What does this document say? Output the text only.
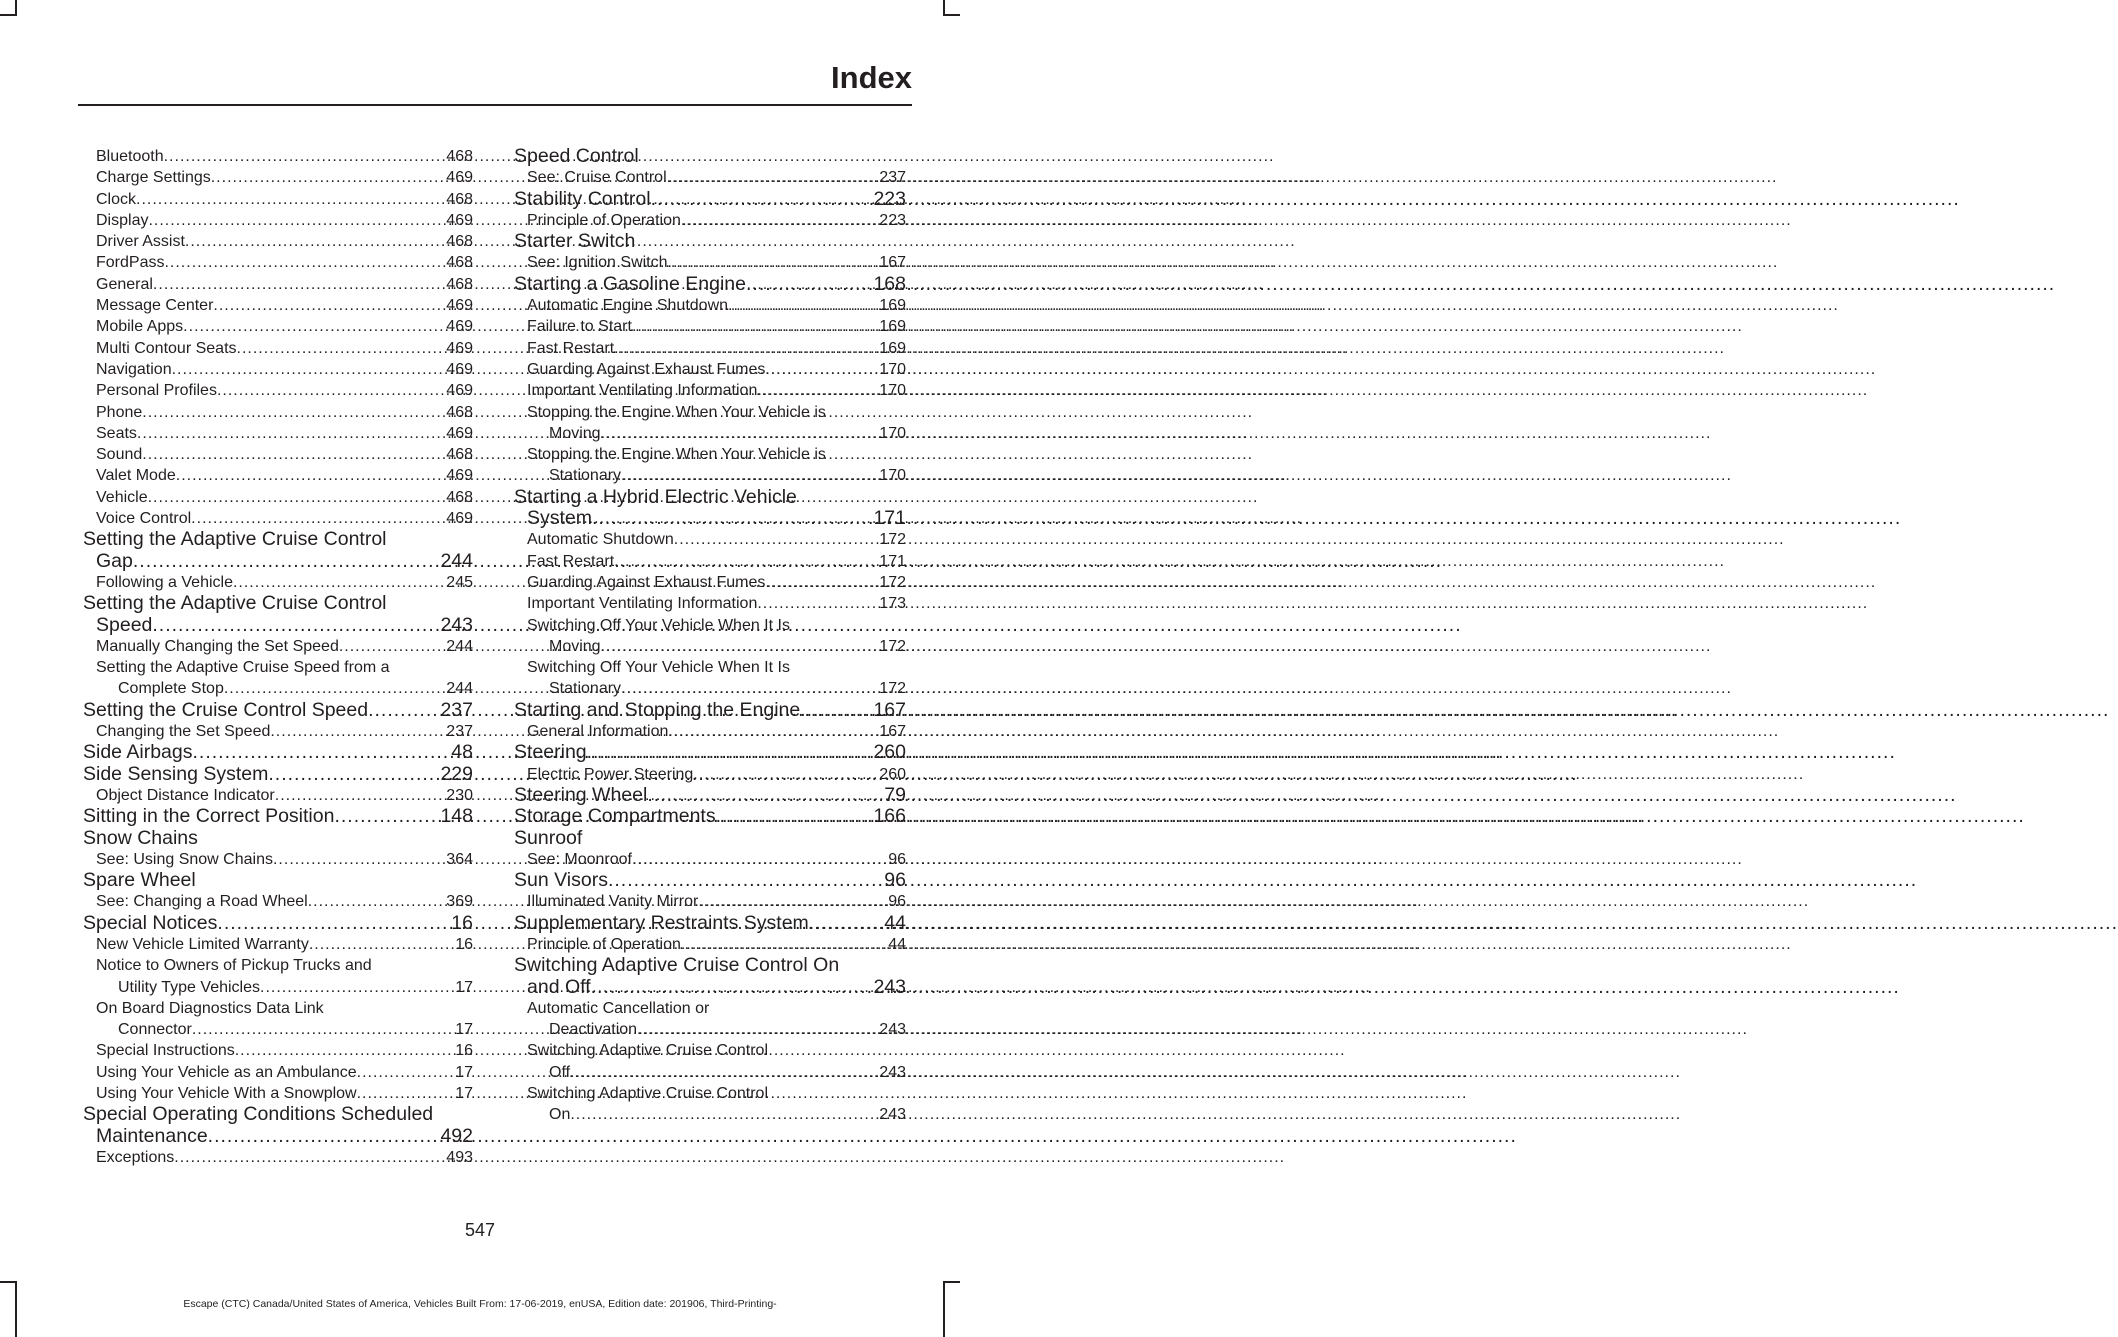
Index
Bluetooth .....	468
Charge Settings .....	469
Clock .....	468
Display .....	469
Driver Assist .....	468
FordPass .....	468
General .....	468
Message Center .....	469
Mobile Apps .....	469
Multi Contour Seats .....	469
Navigation .....	469
Personal Profiles .....	469
Phone .....	468
Seats .....	469
Sound .....	468
Valet Mode .....	469
Vehicle .....	468
Voice Control .....	469
Setting the Adaptive Cruise Control
Gap .....	244
Following a Vehicle .....	245
Setting the Adaptive Cruise Control
Speed .....	243
Manually Changing the Set Speed .....	244
Setting the Adaptive Cruise Speed from a
Complete Stop .....	244
Setting the Cruise Control Speed .....	237
Changing the Set Speed .....	237
Side Airbags .....	48
Side Sensing System .....	229
Object Distance Indicator .....	230
Sitting in the Correct Position .....	148
Snow Chains
See: Using Snow Chains .....	364
Spare Wheel
See: Changing a Road Wheel .....	369
Special Notices .....	16
New Vehicle Limited Warranty .....	16
Notice to Owners of Pickup Trucks and
Utility Type Vehicles .....	17
On Board Diagnostics Data Link
Connector .....	17
Special Instructions .....	16
Using Your Vehicle as an Ambulance .....	17
Using Your Vehicle With a Snowplow .....	17
Special Operating Conditions Scheduled
Maintenance .....	492
Exceptions .....	493
Speed Control
See: Cruise Control .....	237
Stability Control .....	223
Principle of Operation .....	223
Starter Switch
See: Ignition Switch .....	167
Starting a Gasoline Engine .....	168
Automatic Engine Shutdown .....	169
Failure to Start .....	169
Fast Restart .....	169
Guarding Against Exhaust Fumes .....	170
Important Ventilating Information .....	170
Stopping the Engine When Your Vehicle is
Moving .....	170
Stopping the Engine When Your Vehicle is
Stationary .....	170
Starting a Hybrid Electric Vehicle
System .....	171
Automatic Shutdown .....	172
Fast Restart .....	171
Guarding Against Exhaust Fumes .....	172
Important Ventilating Information .....	173
Switching Off Your Vehicle When It Is
Moving .....	172
Switching Off Your Vehicle When It Is
Stationary .....	172
Starting and Stopping the Engine .....	167
General Information .....	167
Steering .....	260
Electric Power Steering .....	260
Steering Wheel .....	79
Storage Compartments .....	166
Sunroof
See: Moonroof .....	96
Sun Visors .....	96
Illuminated Vanity Mirror .....	96
Supplementary Restraints System .....	44
Principle of Operation .....	44
Switching Adaptive Cruise Control On
and Off .....	243
Automatic Cancellation or
Deactivation .....	243
Switching Adaptive Cruise Control
Off .....	243
Switching Adaptive Cruise Control
On .....	243
547
Escape (CTC) Canada/United States of America, Vehicles Built From: 17-06-2019, enUSA, Edition date: 201906, Third-Printing-
